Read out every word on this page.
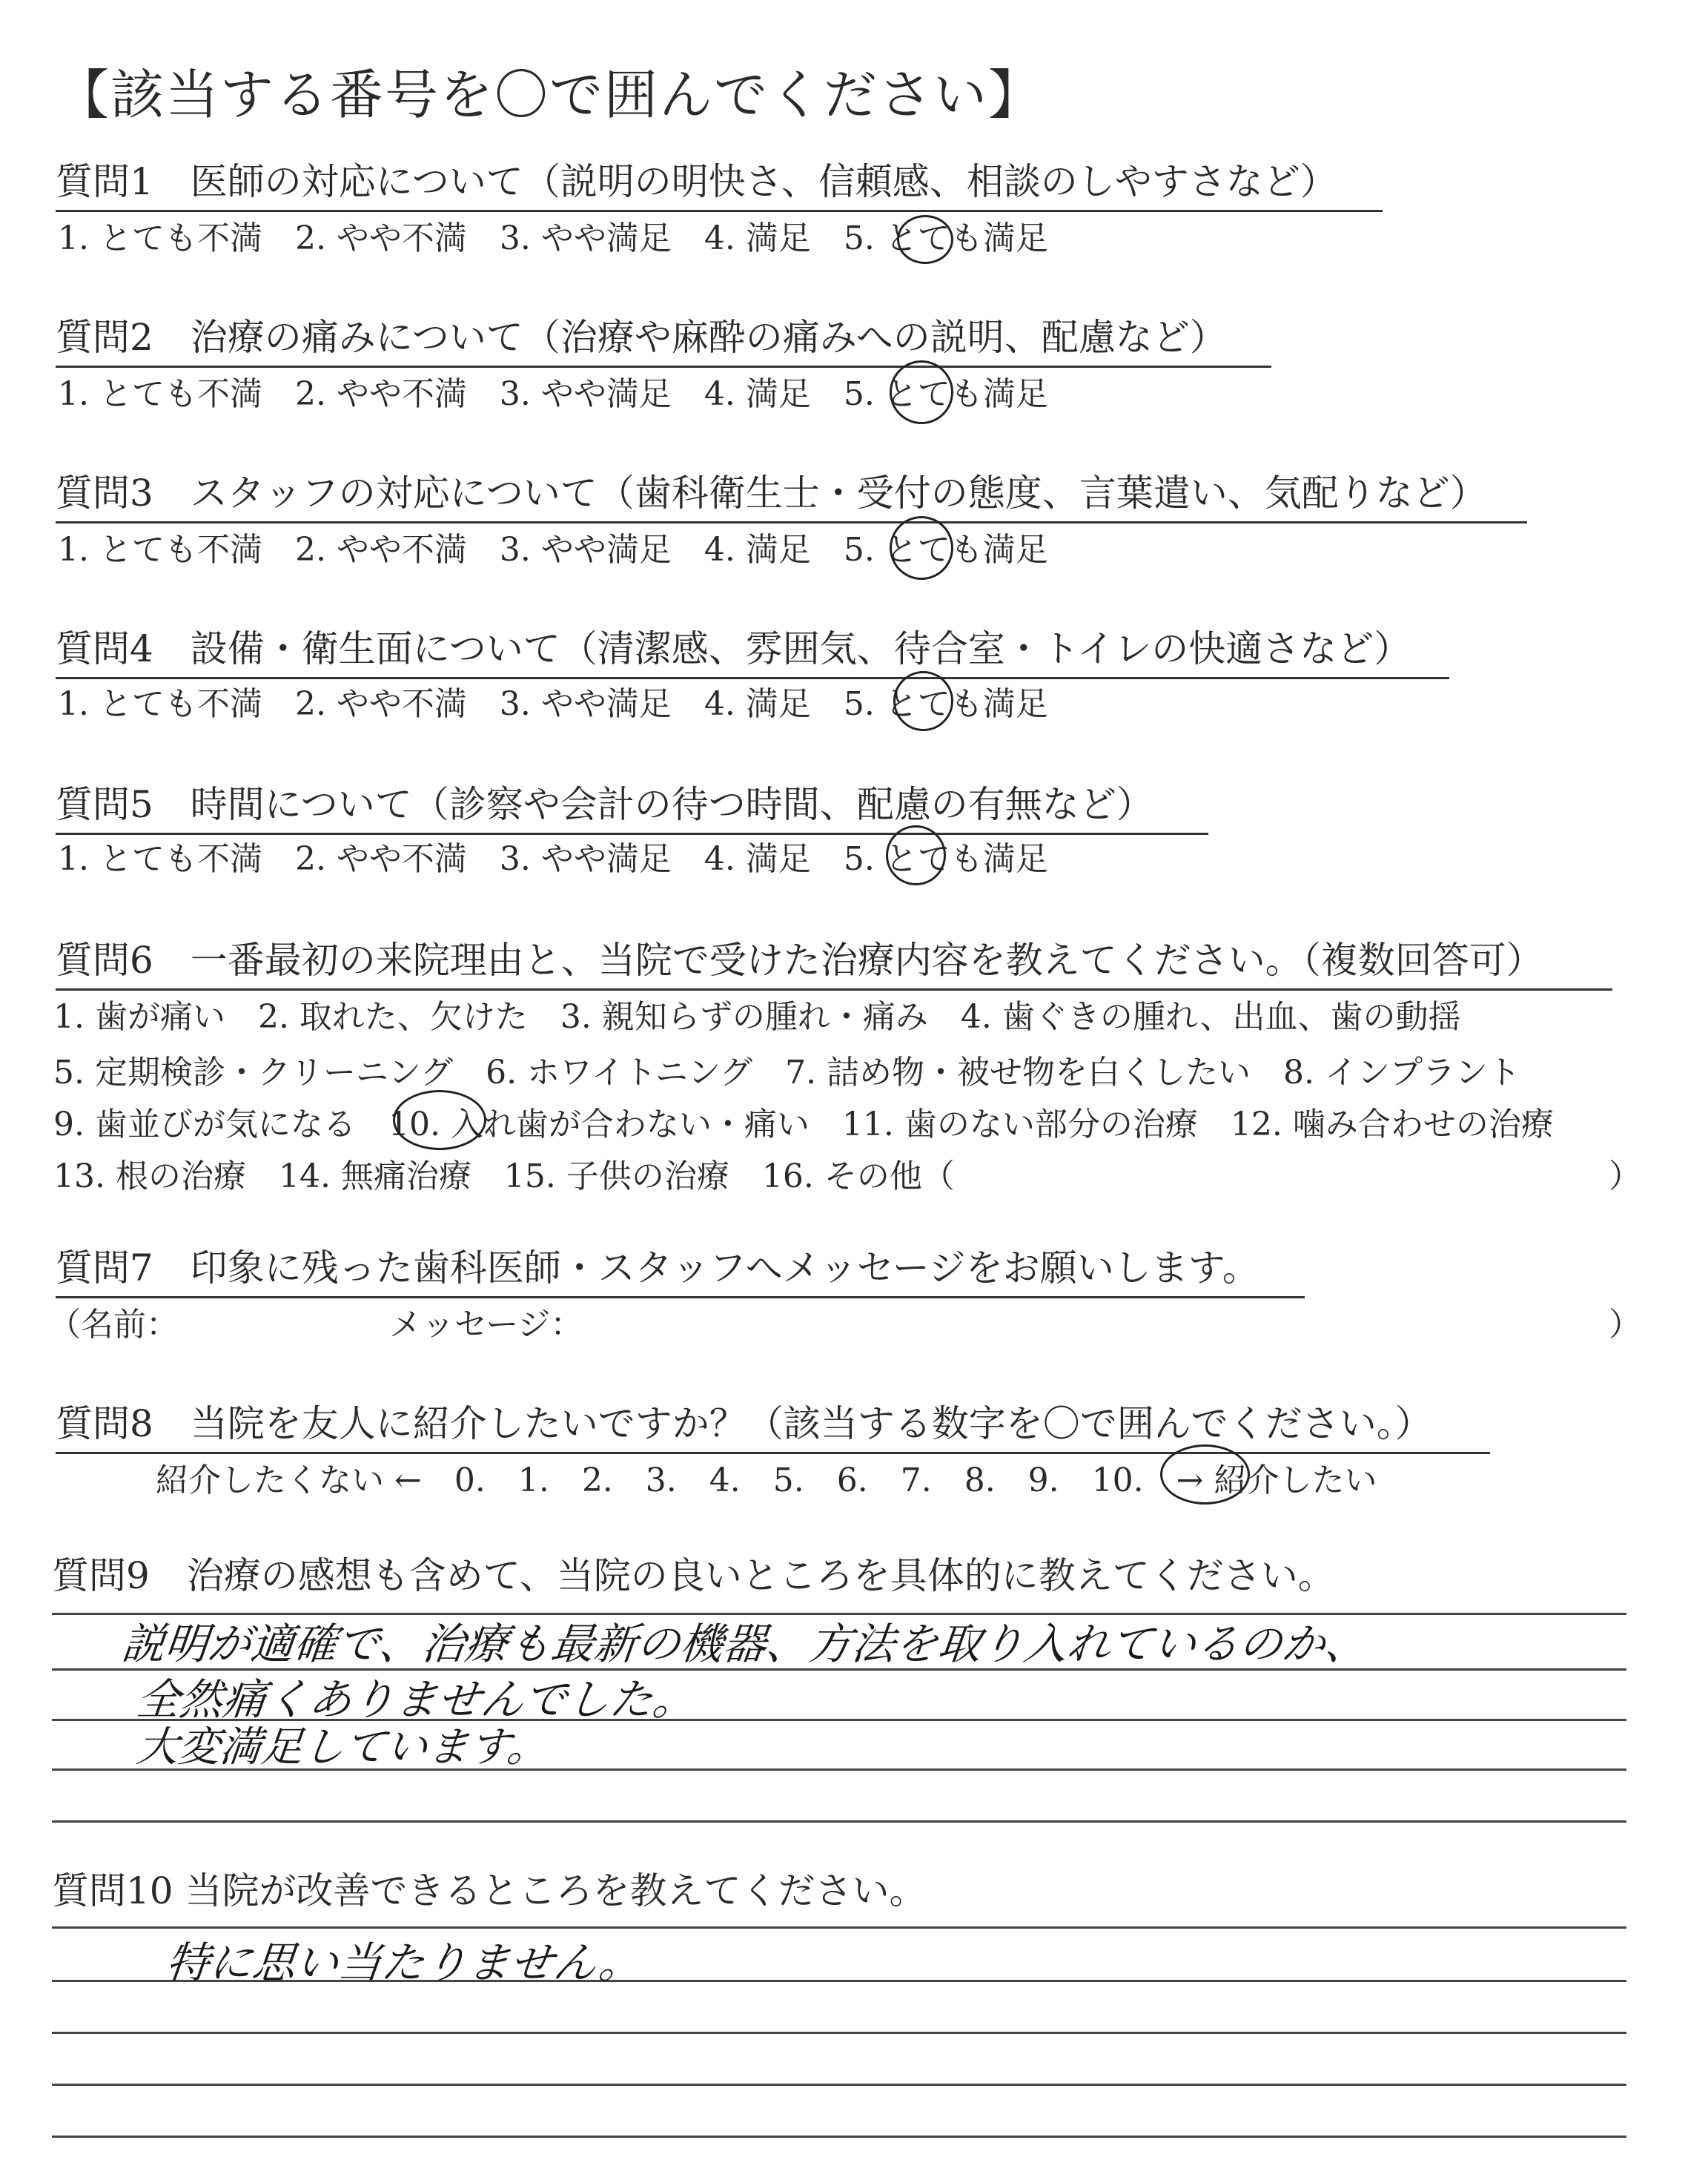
【該当する番号を〇で囲んでください】
質問1　医師の対応について（説明の明快さ、信頼感、相談のしやすさなど）
1. とても不満　2. やや不満　3. やや満足　4. 満足　5. とても満足
質問2　治療の痛みについて（治療や麻酔の痛みへの説明、配慮など）
1. とても不満　2. やや不満　3. やや満足　4. 満足　5. とても満足
質問3　スタッフの対応について（歯科衛生士・受付の態度、言葉遣い、気配りなど）
1. とても不満　2. やや不満　3. やや満足　4. 満足　5. とても満足
質問4　設備・衛生面について（清潔感、雰囲気、待合室・トイレの快適さなど）
1. とても不満　2. やや不満　3. やや満足　4. 満足　5. とても満足
質問5　時間について（診察や会計の待つ時間、配慮の有無など）
1. とても不満　2. やや不満　3. やや満足　4. 満足　5. とても満足
質問6　一番最初の来院理由と、当院で受けた治療内容を教えてください。（複数回答可）
1. 歯が痛い　2. 取れた、欠けた　3. 親知らずの腫れ・痛み　4. 歯ぐきの腫れ、出血、歯の動揺
5. 定期検診・クリーニング　6. ホワイトニング　7. 詰め物・被せ物を白くしたい　8. インプラント
9. 歯並びが気になる　10. 入れ歯が合わない・痛い　11. 歯のない部分の治療　12. 噛み合わせの治療
13. 根の治療　14. 無痛治療　15. 子供の治療　16. その他（	）
質問7　印象に残った歯科医師・スタッフへメッセージをお願いします。
（名前：	メッセージ：	）
質問8　当院を友人に紹介したいですか？（該当する数字を〇で囲んでください。）
紹介したくない ←　0.　1.　2.　3.　4.　5.　6.　7.　8.　9.　10.　→ 紹介したい
質問9　治療の感想も含めて、当院の良いところを具体的に教えてください。
説明が適確で、治療も最新の機器、方法を取り入れているのか、
全然痛くありませんでした。
大変満足しています。
質問10 当院が改善できるところを教えてください。
特に思い当たりません。
